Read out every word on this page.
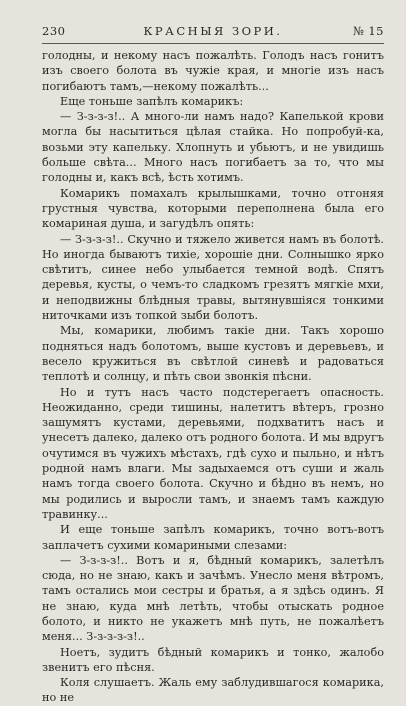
230	КРАСНЫЯ ЗОРИ.	№ 15

голодны, и некому насъ пожалѣть. Голодъ насъ гонитъ изъ своего болота въ чужіе края, и многіе изъ насъ погибаютъ тамъ,—некому пожалѣть...

Еще тоньше запѣлъ комарикъ:

— З-з-з-з!.. А много-ли намъ надо? Капелькой крови могла бы насытиться цѣлая стайка. Но попробуй-ка, возьми эту капельку. Хлопнуть и убьютъ, и не увидишь больше свѣта... Много насъ погибаетъ за то, что мы голодны и, какъ всѣ, ѣсть хотимъ.

Комарикъ помахалъ крылышками, точно отгоняя грустныя чувства, которыми переполнена была его комариная душа, и загудѣлъ опять:

— З-з-з-з!.. Скучно и тяжело живется намъ въ болотѣ. Но иногда бываютъ тихіе, хорошіе дни. Солнышко ярко свѣтитъ, синее небо улыбается темной водѣ. Спятъ деревья, кусты, о чемъ-то сладкомъ грезятъ мягкіе мхи, и неподвижны блѣдныя травы, вытянувшіяся тонкими ниточками изъ топкой зыби болотъ.

Мы, комарики, любимъ такіе дни. Такъ хорошо подняться надъ болотомъ, выше кустовъ и деревьевъ, и весело кружиться въ свѣтлой синевѣ и радоваться теплотѣ и солнцу, и пѣть свои звонкія пѣсни.

Но и тутъ насъ часто подстерегаетъ опасность. Неожиданно, среди тишины, налетитъ вѣтеръ, грозно зашумятъ кустами, деревьями, подхватитъ насъ и унесетъ далеко, далеко отъ родного болота. И мы вдругъ очутимся въ чужихъ мѣстахъ, гдѣ сухо и пыльно, и нѣтъ родной намъ влаги. Мы задыхаемся отъ суши и жаль намъ тогда своего болота. Скучно и бѣдно въ немъ, но мы родились и выросли тамъ, и знаемъ тамъ каждую травинку...

И еще тоньше запѣлъ комарикъ, точно вотъ-вотъ заплачетъ сухими комариными слезами:

— З-з-з-з!.. Вотъ и я, бѣдный комарикъ, залетѣлъ сюда, но не знаю, какъ и зачѣмъ. Унесло меня вѣтромъ, тамъ остались мои сестры и братья, а я здѣсь одинъ. Я не знаю, куда мнѣ летѣть, чтобы отыскать родное болото, и никто не укажетъ мнѣ путь, не пожалѣетъ меня... З-з-з-з-з!..

Ноетъ, зудитъ бѣдный комарикъ и тонко, жалобо звенитъ его пѣсня.

Коля слушаетъ. Жаль ему заблудившагося комарика, но не
